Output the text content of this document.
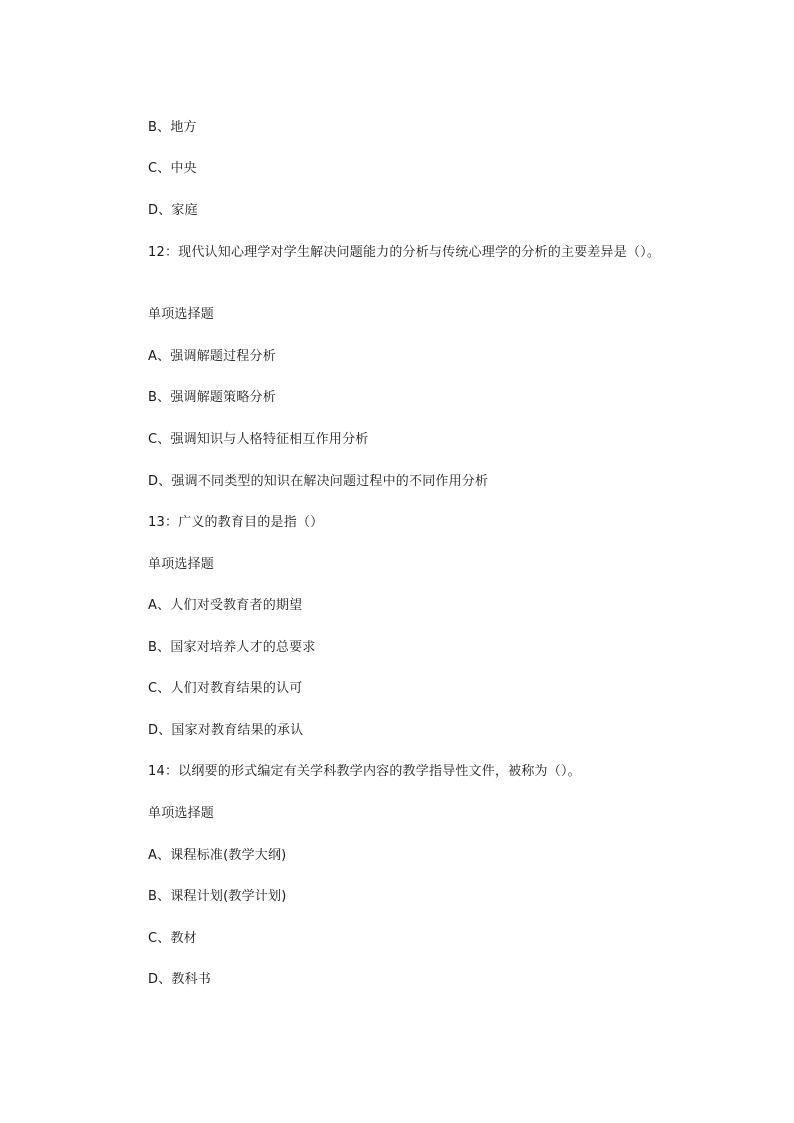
B、地方
C、中央
D、家庭
12：现代认知心理学对学生解决问题能力的分析与传统心理学的分析的主要差异是（）。
单项选择题
A、强调解题过程分析
B、强调解题策略分析
C、强调知识与人格特征相互作用分析
D、强调不同类型的知识在解决问题过程中的不同作用分析
13：广义的教育目的是指（）
单项选择题
A、人们对受教育者的期望
B、国家对培养人才的总要求
C、人们对教育结果的认可
D、国家对教育结果的承认
14：以纲要的形式编定有关学科教学内容的教学指导性文件，被称为（）。
单项选择题
A、课程标准(教学大纲)
B、课程计划(教学计划)
C、教材
D、教科书
